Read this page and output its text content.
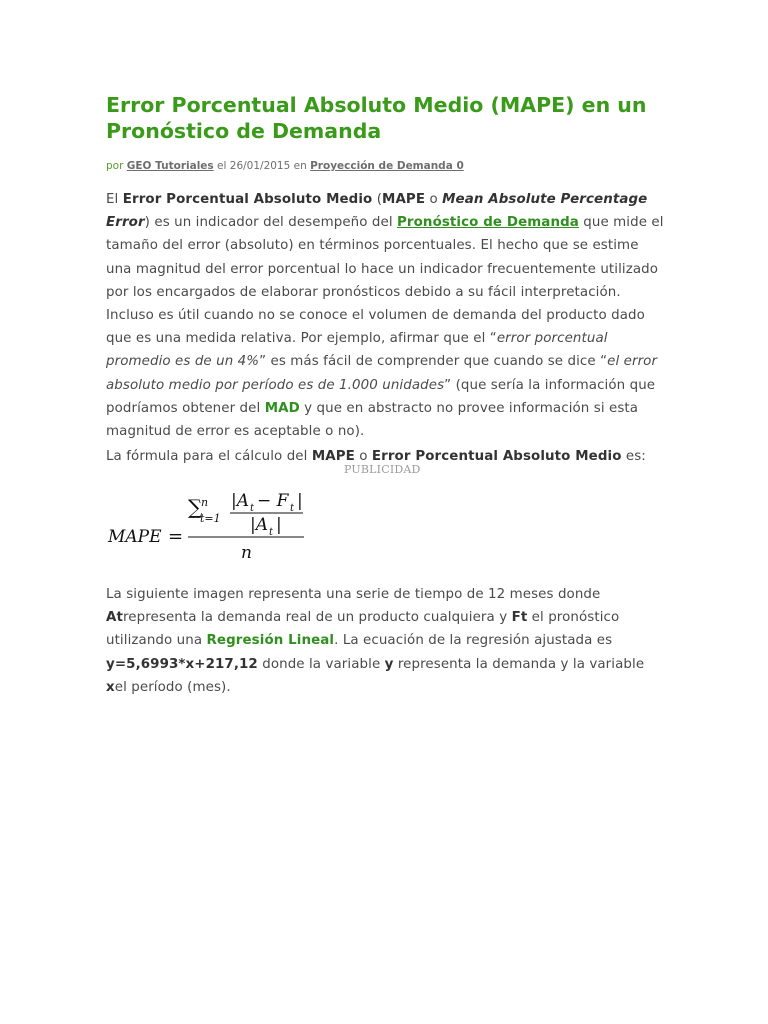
Error Porcentual Absoluto Medio (MAPE) en un Pronóstico de Demanda
por GEO Tutoriales el 26/01/2015 en Proyección de Demanda 0
El Error Porcentual Absoluto Medio (MAPE o Mean Absolute Percentage Error) es un indicador del desempeño del Pronóstico de Demanda que mide el tamaño del error (absoluto) en términos porcentuales. El hecho que se estime una magnitud del error porcentual lo hace un indicador frecuentemente utilizado por los encargados de elaborar pronósticos debido a su fácil interpretación. Incluso es útil cuando no se conoce el volumen de demanda del producto dado que es una medida relativa. Por ejemplo, afirmar que el “error porcentual promedio es de un 4%” es más fácil de comprender que cuando se dice “el error absoluto medio por período es de 1.000 unidades” (que sería la información que podríamos obtener del MAD y que en abstracto no provee información si esta magnitud de error es aceptable o no).
La fórmula para el cálculo del MAPE o Error Porcentual Absoluto Medio es:
PUBLICIDAD
MAPE =
∑
n
t=1
|A t − F t |
|A t |
n
La siguiente imagen representa una serie de tiempo de 12 meses donde Atrepresenta la demanda real de un producto cualquiera y Ft el pronóstico utilizando una Regresión Lineal. La ecuación de la regresión ajustada es y=5,6993*x+217,12 donde la variable y representa la demanda y la variable xel período (mes).
